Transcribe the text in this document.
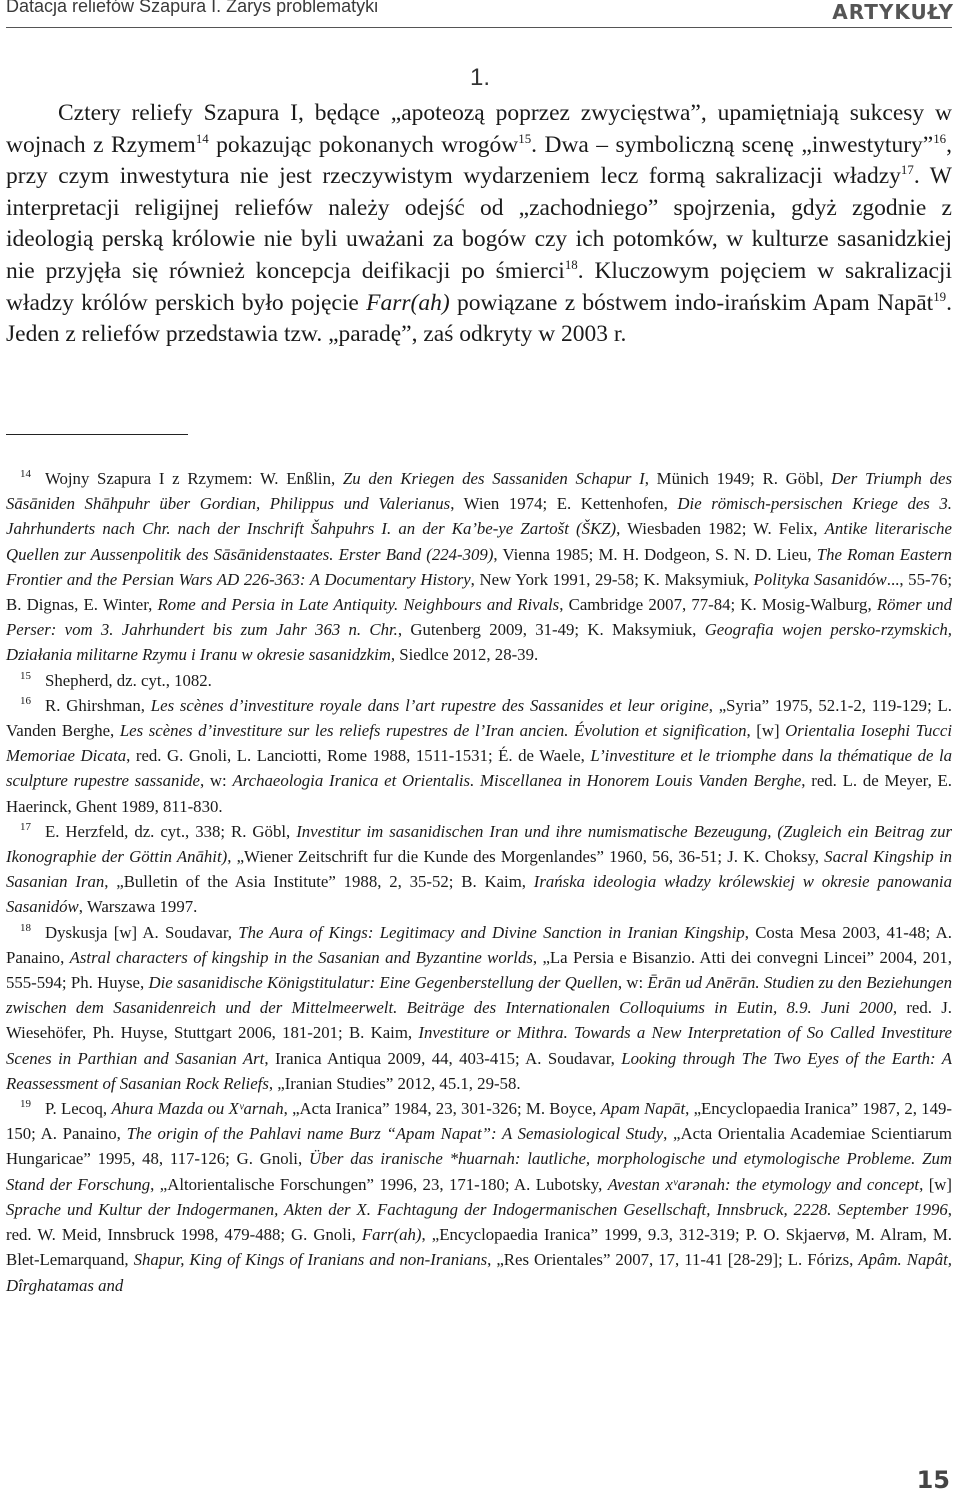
Datacja reliefów Szapura I. Zarys problematyki	ARTYKUŁY
1.

Cztery reliefy Szapura I, będące „apoteozą poprzez zwycięstwa”, upamiętniają sukcesy w wojnach z Rzymem$^{14}$ pokazując pokonanych wrogów$^{15}$. Dwa – symboliczną scenę „inwestytury”$^{16}$, przy czym inwestytura nie jest rzeczywistym wydarzeniem lecz formą sakralizacji władzy$^{17}$. W interpretacji religijnej reliefów należy odejść od „zachodniego” spojrzenia, gdyż zgodnie z ideologią perską królowie nie byli uważani za bogów czy ich potomków, w kulturze sasanidzkiej nie przyjęła się również koncepcja deifikacji po śmierci$^{18}$. Kluczowym pojęciem w sakralizacji władzy królów perskich było pojęcie Farr(ah) powiązane z bóstwem indo-irańskim Apam Napāt$^{19}$. Jeden z reliefów przedstawia tzw. „paradę”, zaś odkryty w 2003 r.

$^{14}$ Wojny Szapura I z Rzymem: W. Enßlin, Zu den Kriegen des Sassaniden Schapur I, Münich 1949; R. Göbl, Der Triumph des Sāsāniden Shāhpuhr über Gordian, Philippus und Valerianus, Wien 1974; E. Kettenhofen, Die römisch-persischen Kriege des 3. Jahrhunderts nach Chr. nach der Inschrift Šahpuhrs I. an der Ka’be-ye Zartošt (ŠKZ), Wiesbaden 1982; W. Felix, Antike literarische Quellen zur Aussenpolitik des Sāsānidenstaates. Erster Band (224-309), Vienna 1985; M. H. Dodgeon, S. N. D. Lieu, The Roman Eastern Frontier and the Persian Wars AD 226-363: A Documentary History, New York 1991, 29-58; K. Maksymiuk, Polityka Sasanidów..., 55-76; B. Dignas, E. Winter, Rome and Persia in Late Antiquity. Neighbours and Rivals, Cambridge 2007, 77-84; K. Mosig-Walburg, Römer und Perser: vom 3. Jahrhundert bis zum Jahr 363 n. Chr., Gutenberg 2009, 31-49; K. Maksymiuk, Geografia wojen persko-rzymskich, Działania militarne Rzymu i Iranu w okresie sasanidzkim, Siedlce 2012, 28-39.

$^{15}$ Shepherd, dz. cyt., 1082.

$^{16}$ R. Ghirshman, Les scènes d’investiture royale dans l’art rupestre des Sassanides et leur origine, „Syria” 1975, 52.1-2, 119-129; L. Vanden Berghe, Les scènes d’investiture sur les reliefs rupestres de l’Iran ancien. Évolution et signification, [w] Orientalia Iosephi Tucci Memoriae Dicata, red. G. Gnoli, L. Lanciotti, Rome 1988, 1511-1531; É. de Waele, L’investiture et le triomphe dans la thématique de la sculpture rupestre sassanide, w: Archaeologia Iranica et Orientalis. Miscellanea in Honorem Louis Vanden Berghe, red. L. de Meyer, E. Haerinck, Ghent 1989, 811-830.

$^{17}$ E. Herzfeld, dz. cyt., 338; R. Göbl, Investitur im sasanidischen Iran und ihre numismatische Bezeugung, (Zugleich ein Beitrag zur Ikonographie der Göttin Anāhit), „Wiener Zeitschrift fur die Kunde des Morgenlandes” 1960, 56, 36-51; J. K. Choksy, Sacral Kingship in Sasanian Iran, „Bulletin of the Asia Institute” 1988, 2, 35-52; B. Kaim, Irańska ideologia władzy królewskiej w okresie panowania Sasanidów, Warszawa 1997.

$^{18}$ Dyskusja [w] A. Soudavar, The Aura of Kings: Legitimacy and Divine Sanction in Iranian Kingship, Costa Mesa 2003, 41-48; A. Panaino, Astral characters of kingship in the Sasanian and Byzantine worlds, „La Persia e Bisanzio. Atti dei convegni Lincei” 2004, 201, 555-594; Ph. Huyse, Die sasanidische Königstitulatur: Eine Gegenberstellung der Quellen, w: Ērān ud Anērān. Studien zu den Beziehungen zwischen dem Sasanidenreich und der Mittelmeerwelt. Beiträge des Internationalen Colloquiums in Eutin, 8.9. Juni 2000, red. J. Wiesehöfer, Ph. Huyse, Stuttgart 2006, 181-201; B. Kaim, Investiture or Mithra. Towards a New Interpretation of So Called Investiture Scenes in Parthian and Sasanian Art, Iranica Antiqua 2009, 44, 403-415; A. Soudavar, Looking through The Two Eyes of the Earth: A Reassessment of Sasanian Rock Reliefs, „Iranian Studies” 2012, 45.1, 29-58.

$^{19}$ P. Lecoq, Ahura Mazda ou Xᵛarnah, „Acta Iranica” 1984, 23, 301-326; M. Boyce, Apam Napāt, „Encyclopaedia Iranica” 1987, 2, 149-150; A. Panaino, The origin of the Pahlavi name Burz “Apam Napat”: A Semasiological Study, „Acta Orientalia Academiae Scientiarum Hungaricae” 1995, 48, 117-126; G. Gnoli, Über das iranische *huarnah: lautliche, morphologische und etymologische Probleme. Zum Stand der Forschung, „Altorientalische Forschungen” 1996, 23, 171-180; A. Lubotsky, Avestan xᵛarənah: the etymology and concept, [w] Sprache und Kultur der Indogermanen, Akten der X. Fachtagung der Indogermanischen Gesellschaft, Innsbruck, 2228. September 1996, red. W. Meid, Innsbruck 1998, 479-488; G. Gnoli, Farr(ah), „Encyclopaedia Iranica” 1999, 9.3, 312-319; P. O. Skjaervø, M. Alram, M. Blet-Lemarquand, Shapur, King of Kings of Iranians and non-Iranians, „Res Orientales” 2007, 17, 11-41 [28-29]; L. Fórizs, Apâm. Napât, Dîrghatamas and

15
